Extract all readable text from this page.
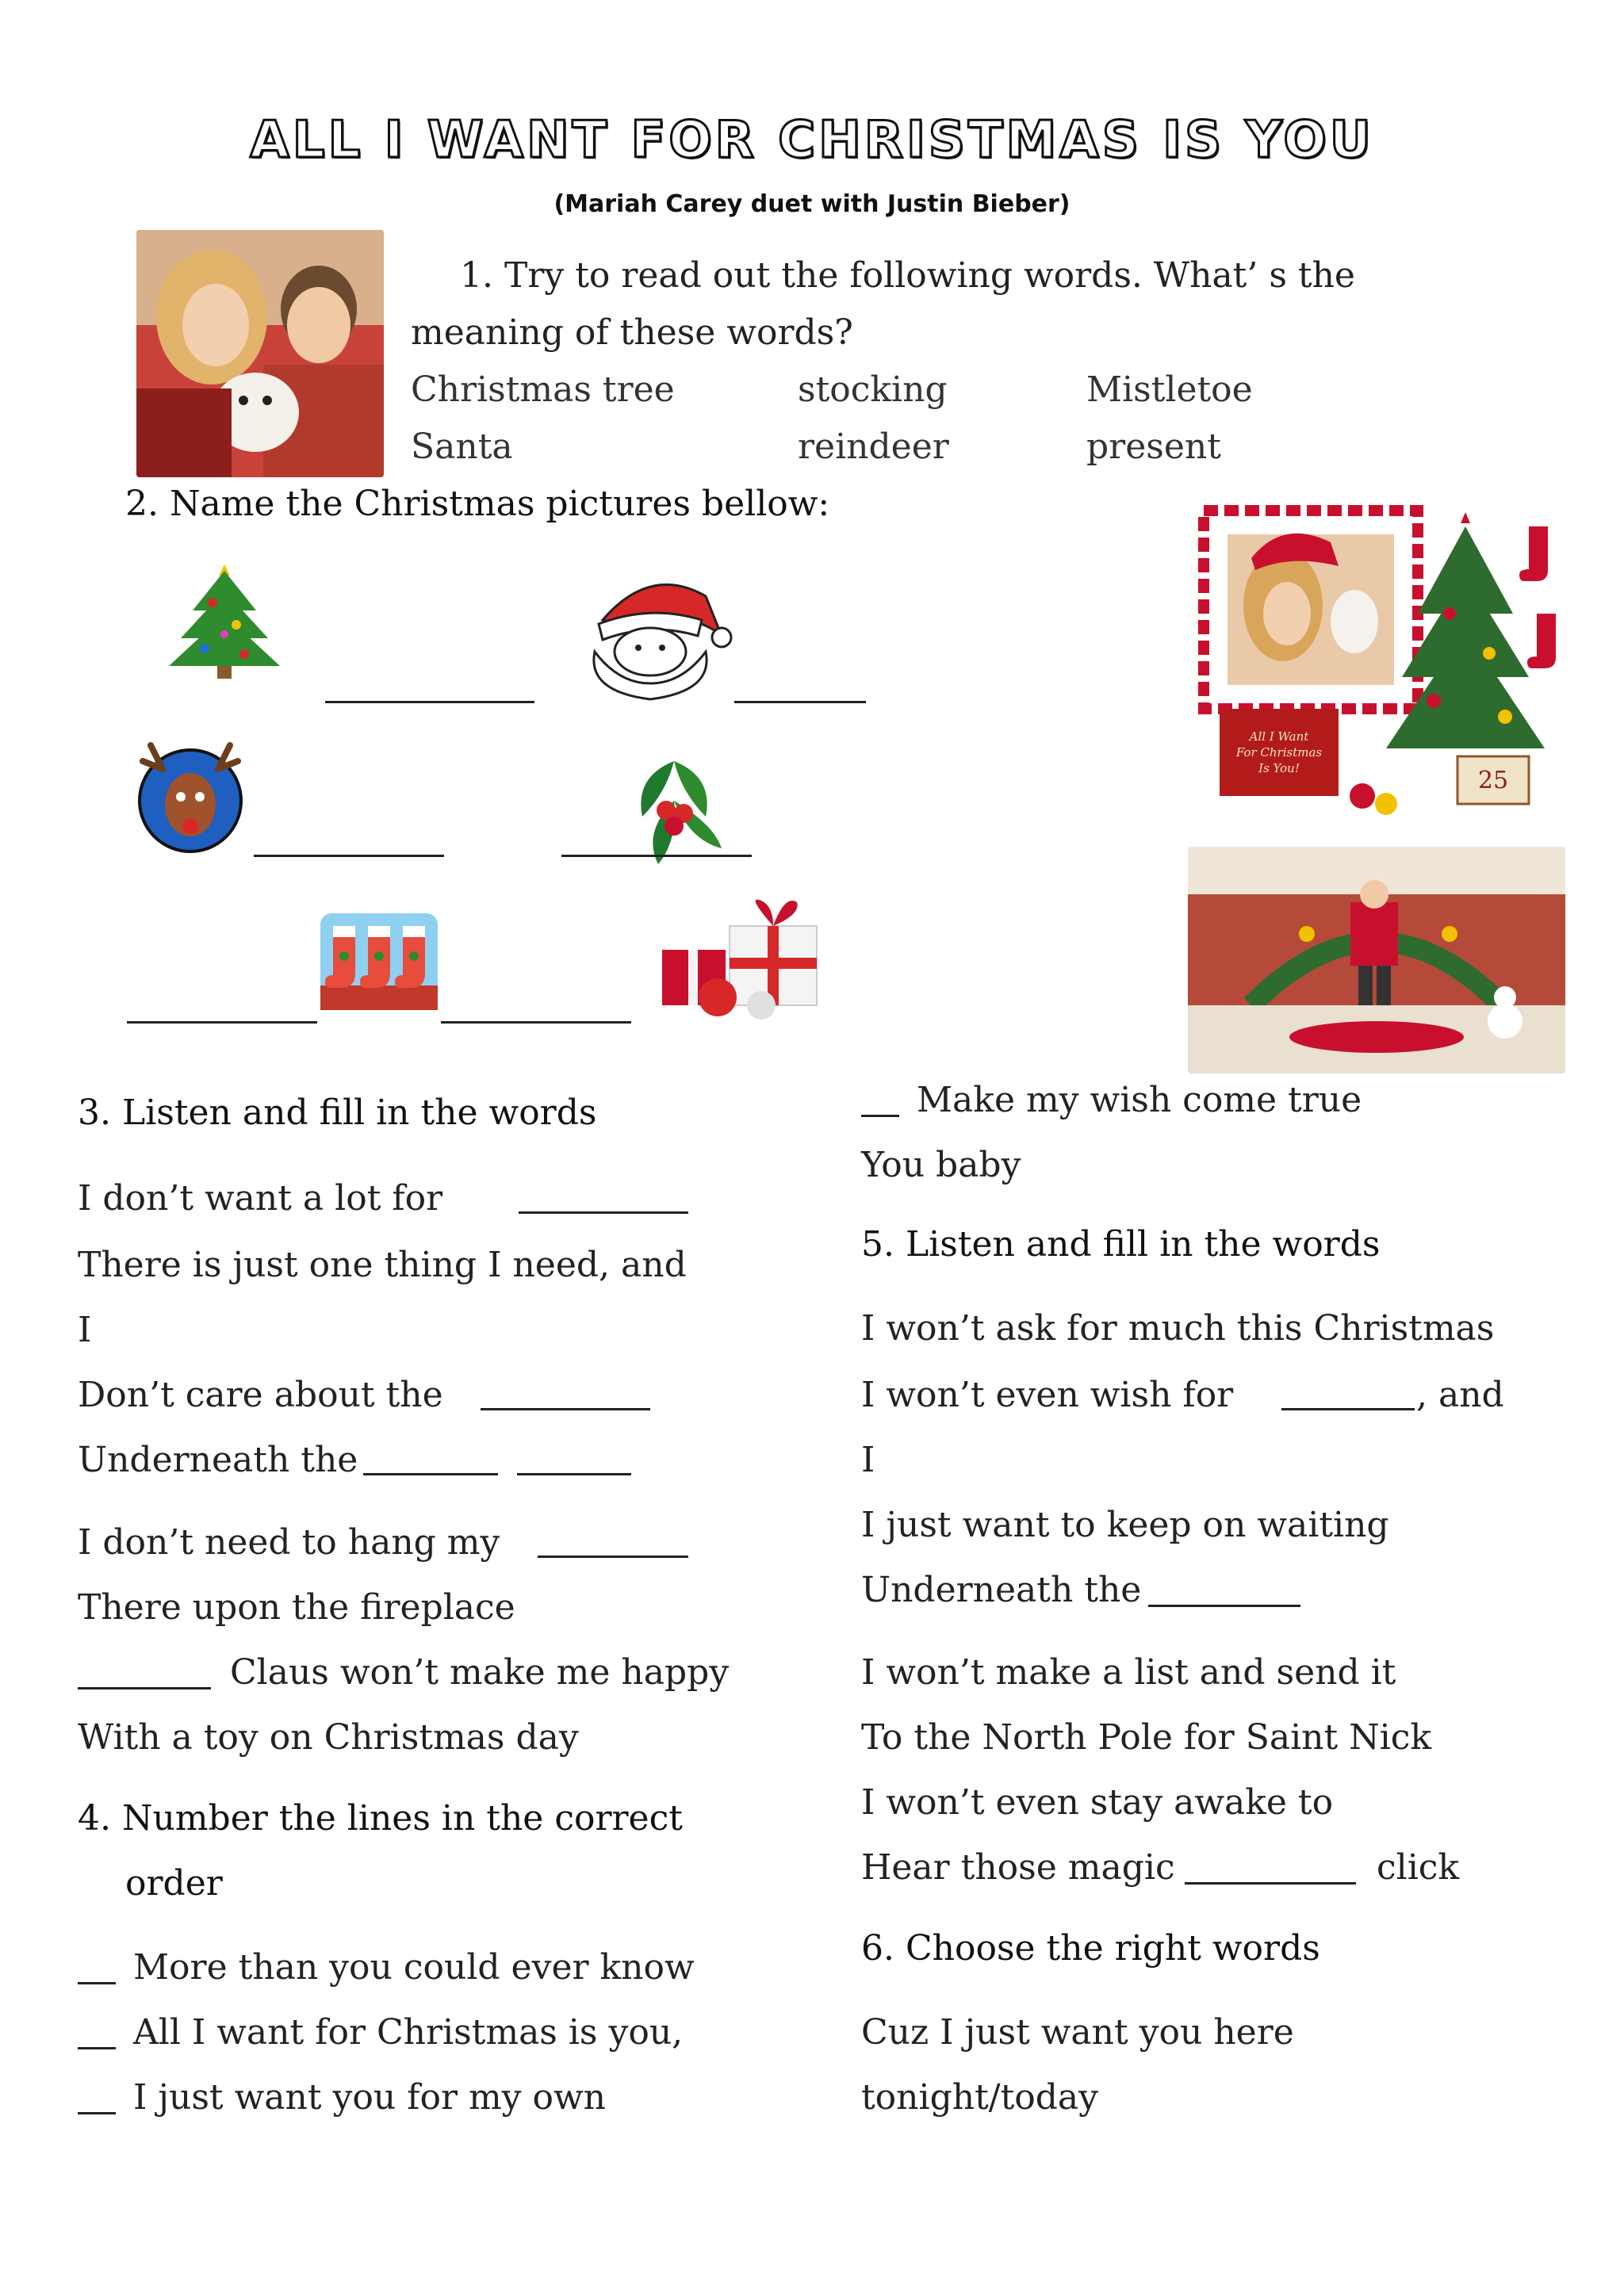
ALL I WANT FOR CHRISTMAS IS YOU
(Mariah Carey duet with Justin Bieber)
1. Try to read out the following words. What’ s the
meaning of these words?
Christmas tree	stocking	Mistletoe
Santa	reindeer	present
2. Name the Christmas pictures bellow:
All I Want
For Christmas
Is You!	25
3. Listen and fill in the words
I don’t want a lot for
There is just one thing I need, and
I
Don’t care about the
Underneath the
I don’t need to hang my
There upon the fireplace
Claus won’t make me happy
With a toy on Christmas day
4. Number the lines in the correct
order
More than you could ever know
All I want for Christmas is you,
I just want you for my own
Make my wish come true
You baby
5. Listen and fill in the words
I won’t ask for much this Christmas
I won’t even wish for	, and
I
I just want to keep on waiting
Underneath the
I won’t make a list and send it
To the North Pole for Saint Nick
I won’t even stay awake to
Hear those magic	click
6. Choose the right words
Cuz I just want you here
tonight/today
